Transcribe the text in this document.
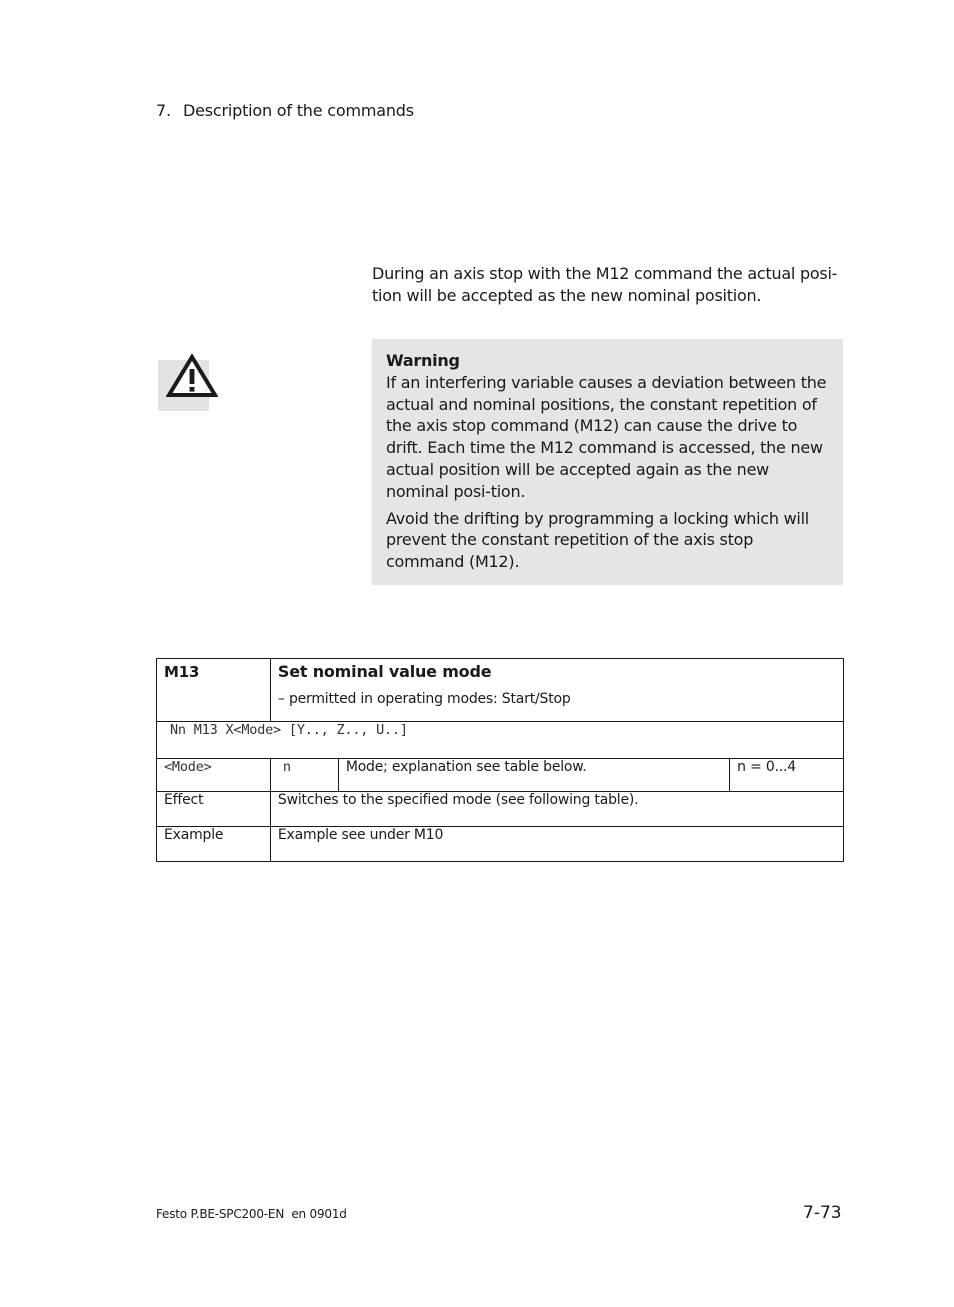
7. Description of the commands
During an axis stop with the M12 command the actual posi-tion will be accepted as the new nominal position.
Warning

If an interfering variable causes a deviation between the actual and nominal positions, the constant repetition of the axis stop command (M12) can cause the drive to drift. Each time the M12 command is accessed, the new actual position will be accepted again as the new nominal posi-tion.

Avoid the drifting by programming a locking which will prevent the constant repetition of the axis stop command (M12).

M13	Set nominal value mode
– permitted in operating modes: Start/Stop		

Nn M13 X<Mode> [Y.., Z.., U..]			
<Mode>	n	Mode; explanation see table below.	n = 0...4
Effect	Switches to the specified mode (see following table).		
Example	Example see under M10		
Festo P.BE-SPC200-EN  en 0901d	7-73
